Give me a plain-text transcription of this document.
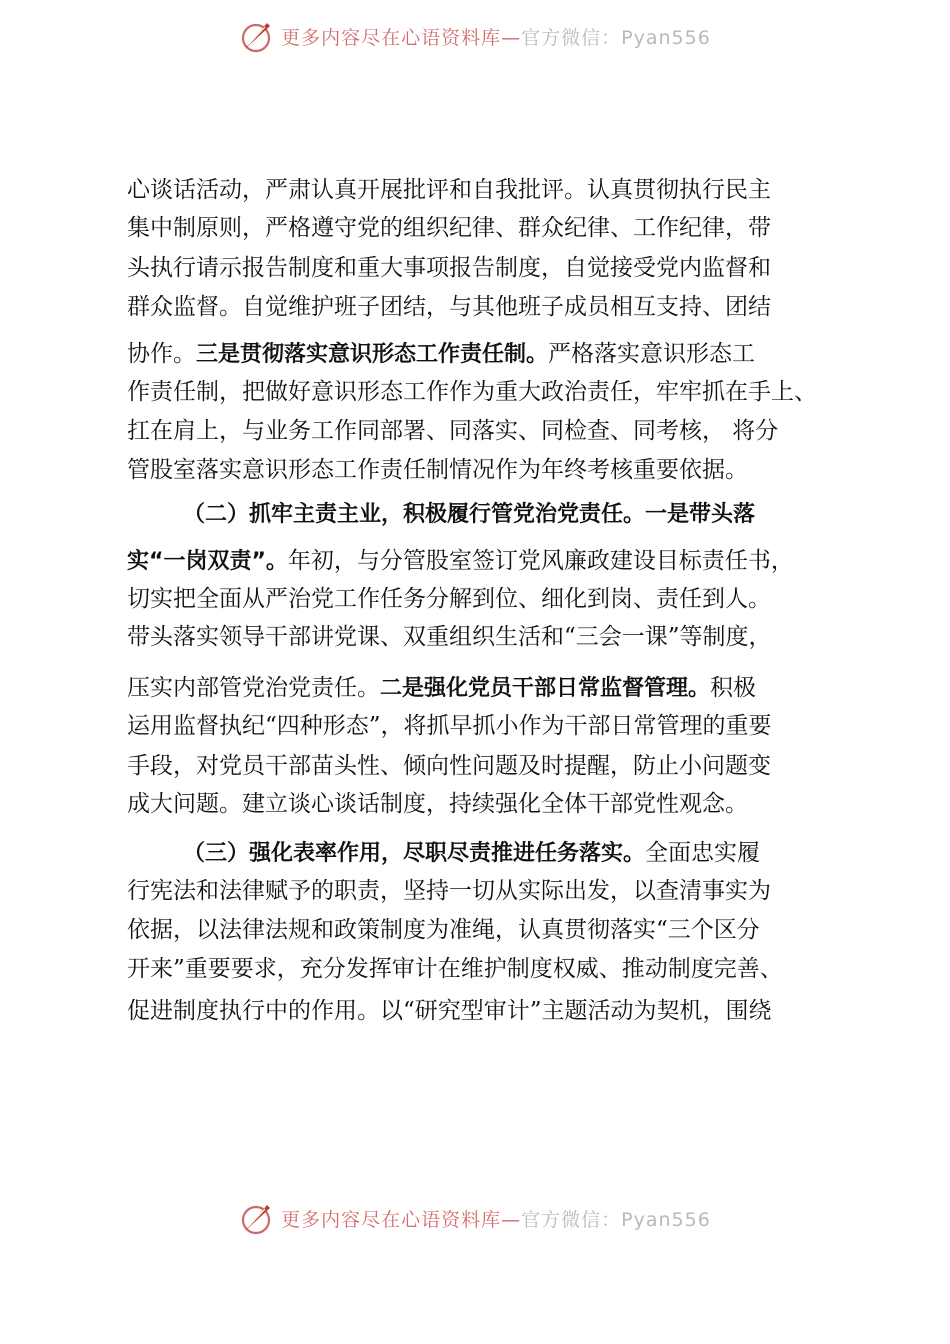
更多内容尽在心语资料库—官方微信：Pyan556
心谈话活动，严肃认真开展批评和自我批评。认真贯彻执行民主
集中制原则，严格遵守党的组织纪律、群众纪律、工作纪律，带
头执行请示报告制度和重大事项报告制度，自觉接受党内监督和
群众监督。自觉维护班子团结，与其他班子成员相互支持、团结
协作。三是贯彻落实意识形态工作责任制。严格落实意识形态工
作责任制，把做好意识形态工作作为重大政治责任，牢牢抓在手上、
扛在肩上，与业务工作同部署、同落实、同检查、同考核， 将分
管股室落实意识形态工作责任制情况作为年终考核重要依据。
（二）抓牢主责主业，积极履行管党治党责任。一是带头落
实“一岗双责”。年初，与分管股室签订党风廉政建设目标责任书，
切实把全面从严治党工作任务分解到位、细化到岗、责任到人。
带头落实领导干部讲党课、双重组织生活和“三会一课”等制度，
压实内部管党治党责任。二是强化党员干部日常监督管理。积极
运用监督执纪“四种形态”，将抓早抓小作为干部日常管理的重要
手段，对党员干部苗头性、倾向性问题及时提醒，防止小问题变
成大问题。建立谈心谈话制度，持续强化全体干部党性观念。
（三）强化表率作用，尽职尽责推进任务落实。全面忠实履
行宪法和法律赋予的职责，坚持一切从实际出发，以查清事实为
依据，以法律法规和政策制度为准绳，认真贯彻落实“三个区分
开来”重要要求，充分发挥审计在维护制度权威、推动制度完善、
促进制度执行中的作用。以“研究型审计”主题活动为契机，围绕
更多内容尽在心语资料库—官方微信：Pyan556
